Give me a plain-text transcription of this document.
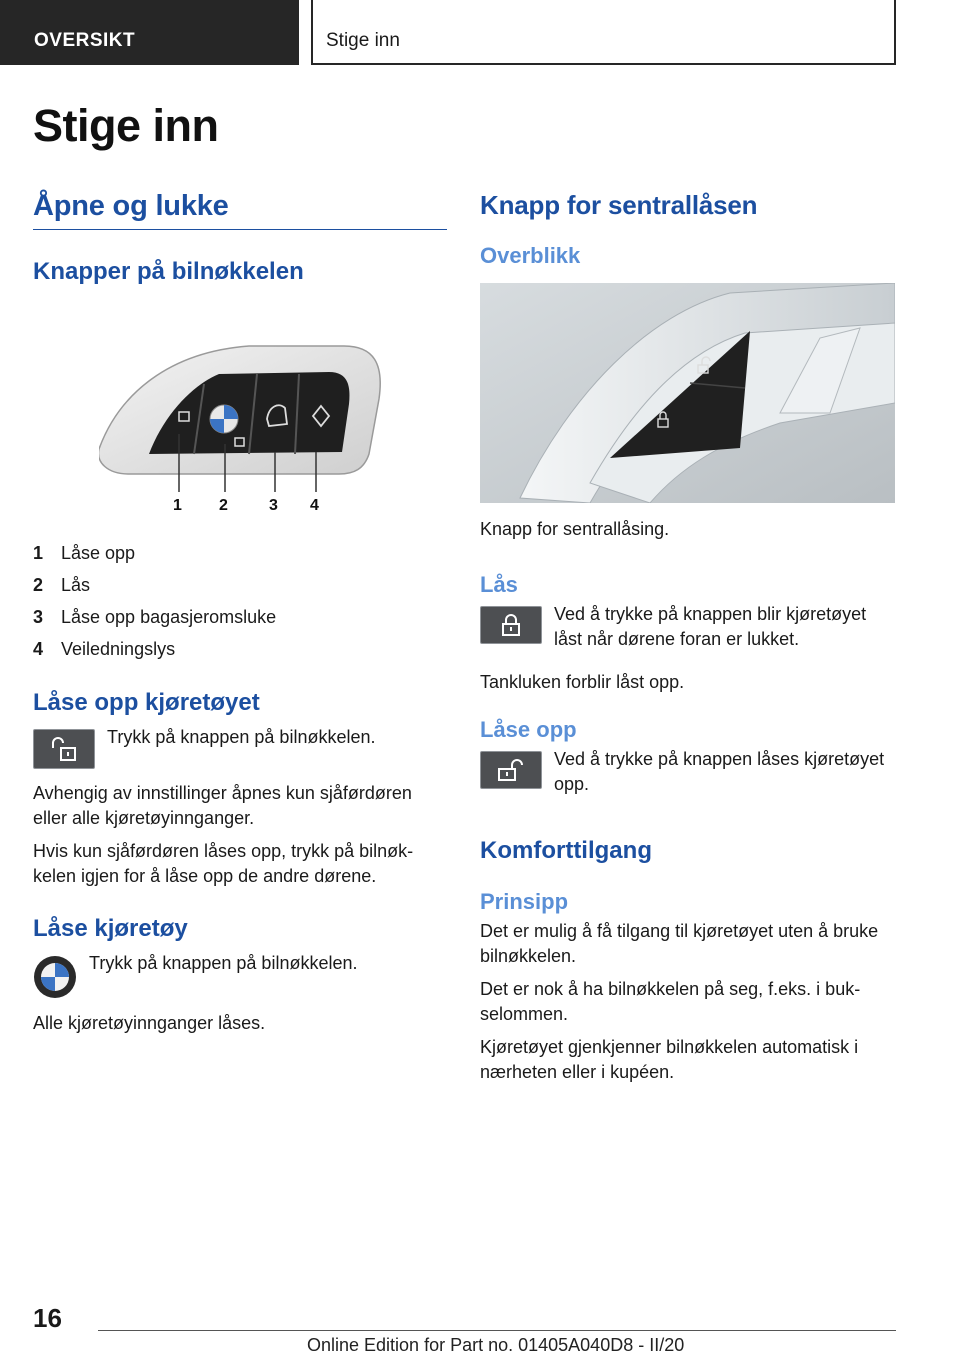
OVERSIKT	Stige inn
Stige inn
Åpne og lukke
Knapper på bilnøkkelen
1 2	3 4
1 Låse opp
2 Lås
3 Låse opp bagasjeromsluke
4 Veiledningslys
Låse opp kjøretøyet
Trykk på knappen på bilnøkkelen.

Avhengig av innstillinger åpnes kun sjåførdøren eller alle kjøretøyinnganger.

Hvis kun sjåførdøren låses opp, trykk på bilnøkkelen igjen for å låse opp de andre dørene.

Låse kjøretøy
Trykk på knappen på bilnøkkelen.

Alle kjøretøyinnganger låses.

Knapp for sentrallåsen
Overblikk

Knapp for sentrallåsing.

Lås
Ved å trykke på knappen blir kjøretøyet låst når dørene foran er lukket.

Tankluken forblir låst opp.

Låse opp
Ved å trykke på knappen låses kjøretøyet opp.
Komforttilgang
Prinsipp

Det er mulig å få tilgang til kjøretøyet uten å bruke bilnøkkelen.

Det er nok å ha bilnøkkelen på seg, f.eks. i bukselommen.

Kjøretøyet gjenkjenner bilnøkkelen automatisk i nærheten eller i kupéen.

16
Online Edition for Part no. 01405A040D8 - II/20
